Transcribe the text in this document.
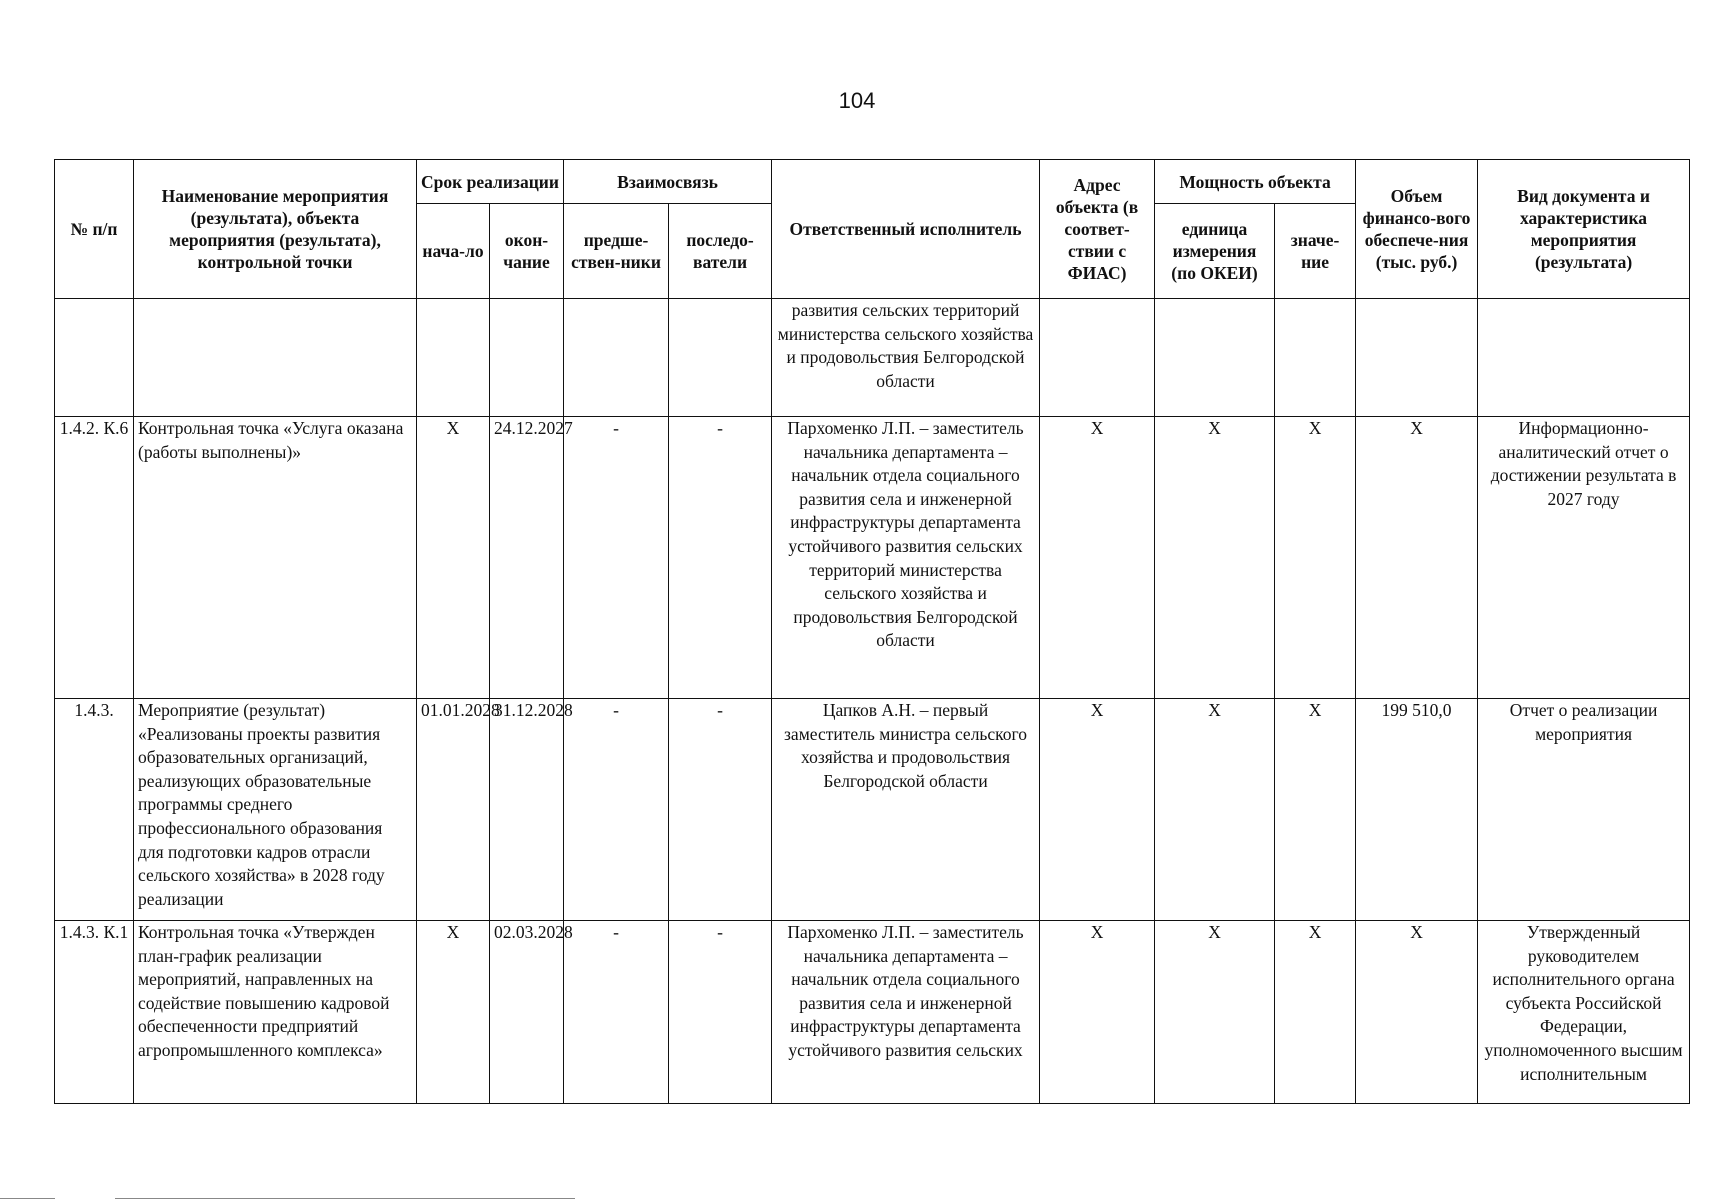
104
№ п/п	Наименование мероприятия (результата), объекта мероприятия (результата), контрольной точки	Срок реализации		Взаимосвязь		Ответственный исполнитель	Адрес объекта (в соответ-ствии с ФИАС)	Мощность объекта		Объем финансо-вого обеспече-ния (тыс. руб.)	Вид документа и характеристика мероприятия (результата)
		нача-ло	окон-чание	предше-ствен-ники	последо-ватели			единица измерения (по ОКЕИ)	значе-ние		
						развития сельских территорий министерства сельского хозяйства и продовольствия Белгородской области					
1.4.2. К.6	Контрольная точка «Услуга оказана (работы выполнены)»	X	24.12.2027	-	-	Пархоменко Л.П. – заместитель начальника департамента – начальник отдела социального развития села и инженерной инфраструктуры департамента устойчивого развития сельских территорий министерства сельского хозяйства и продовольствия Белгородской области	X	X	X	X	Информационно-аналитический отчет о достижении результата в 2027 году
1.4.3.	Мероприятие (результат) «Реализованы проекты развития образовательных организаций, реализующих образовательные программы среднего профессионального образования для подготовки кадров отрасли сельского хозяйства» в 2028 году реализации	01.01.2028	31.12.2028	-	-	Цапков А.Н. – первый заместитель министра сельского хозяйства и продовольствия Белгородской области	X	X	X	199 510,0	Отчет о реализации мероприятия
1.4.3. К.1	Контрольная точка «Утвержден план-график реализации мероприятий, направленных на содействие повышению кадровой обеспеченности предприятий агропромышленного комплекса»	X	02.03.2028	-	-	Пархоменко Л.П. – заместитель начальника департамента – начальник отдела социального развития села и инженерной инфраструктуры департамента устойчивого развития сельских	X	X	X	X	Утвержденный руководителем исполнительного органа субъекта Российской Федерации, уполномоченного высшим исполнительным
